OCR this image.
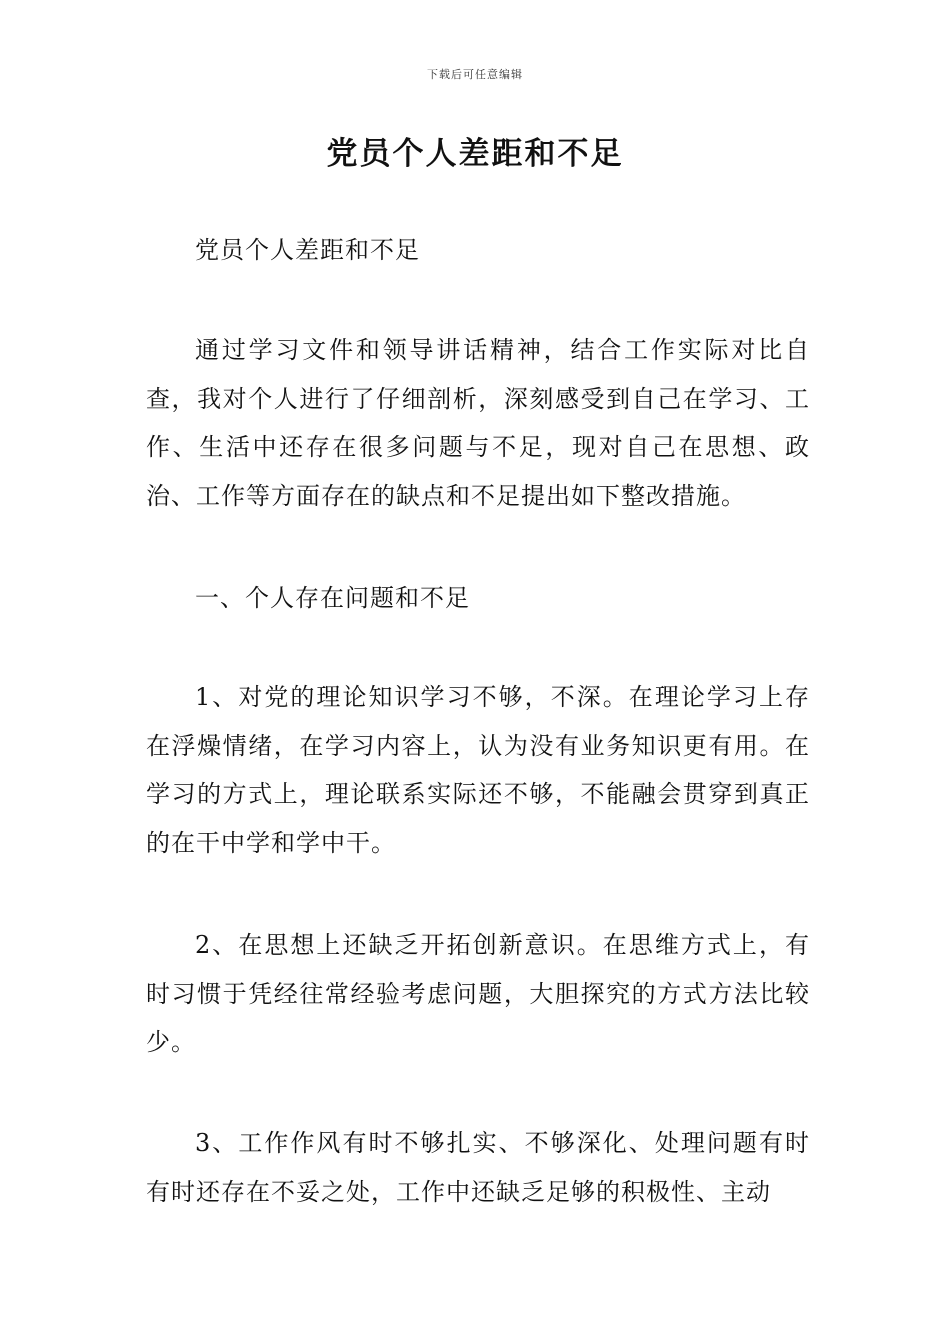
下载后可任意编辑
党员个人差距和不足

党员个人差距和不足

通过学习文件和领导讲话精神，结合工作实际对比自查，我对个人进行了仔细剖析，深刻感受到自己在学习、工作、生活中还存在很多问题与不足，现对自己在思想、政治、工作等方面存在的缺点和不足提出如下整改措施。

一、个人存在问题和不足

1、对党的理论知识学习不够，不深。在理论学习上存在浮燥情绪，在学习内容上，认为没有业务知识更有用。在学习的方式上，理论联系实际还不够，不能融会贯穿到真正的在干中学和学中干。

2、在思想上还缺乏开拓创新意识。在思维方式上，有时习惯于凭经往常经验考虑问题，大胆探究的方式方法比较少。

3、工作作风有时不够扎实、不够深化、处理问题有时有时还存在不妥之处，工作中还缺乏足够的积极性、主动
